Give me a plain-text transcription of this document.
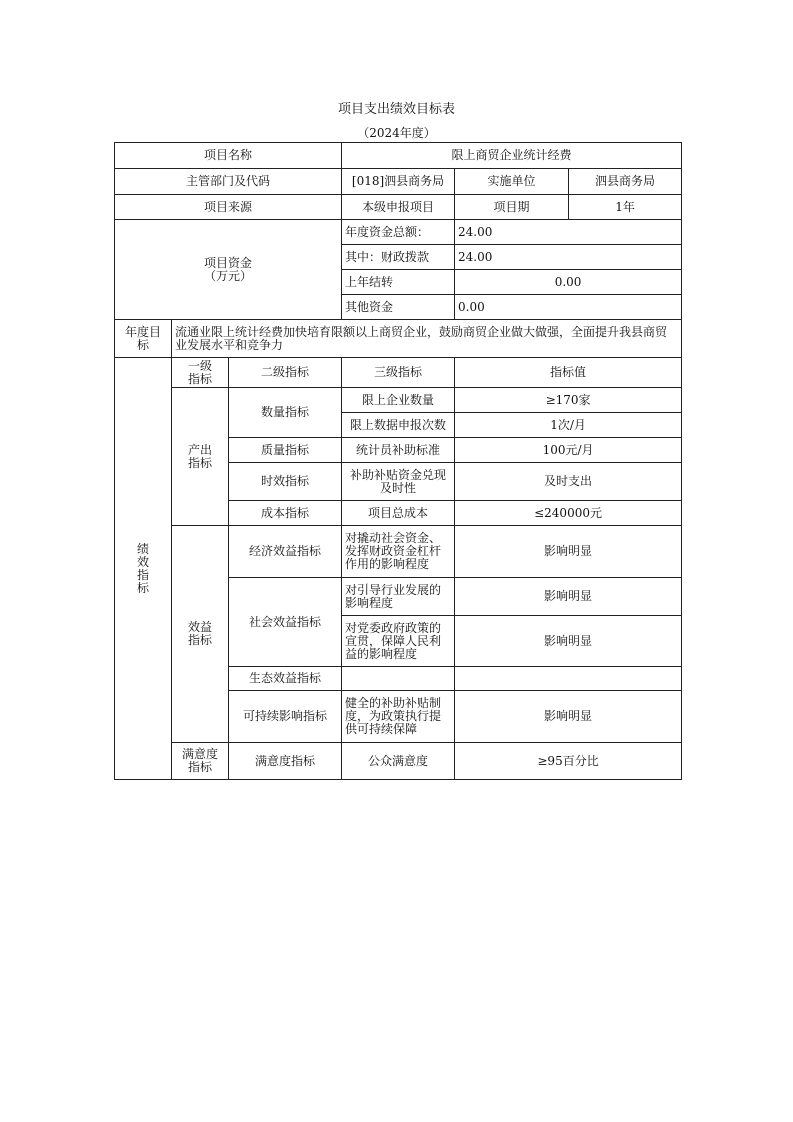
项目支出绩效目标表
（2024年度）
项目名称			限上商贸企业统计经费		
主管部门及代码			[018]泗县商务局	实施单位	泗县商务局
项目来源			本级申报项目	项目期	1年
项目资金
（万元）			年度资金总额：	24.00	
			其中：财政拨款	24.00	
			上年结转	0.00	
			其他资金	0.00	
年度目标	流通业限上统计经费加快培育限额以上商贸企业，鼓励商贸企业做大做强，全面提升我县商贸业发展水平和竞争力				
绩效指标	一级指标	二级指标	三级指标	指标值	
	产出指标	数量指标	限上企业数量	≥170家	
			限上数据申报次数	1次/月	
		质量指标	统计员补助标准	100元/月	
		时效指标	补助补贴资金兑现及时性	及时支出	
		成本指标	项目总成本	≤240000元	
	效益指标	经济效益指标	对撬动社会资金、发挥财政资金杠杆作用的影响程度	影响明显	
		社会效益指标	对引导行业发展的影响程度	影响明显	
			对党委政府政策的宣贯，保障人民利益的影响程度	影响明显	
		生态效益指标			
		可持续影响指标	健全的补助补贴制度，为政策执行提供可持续保障	影响明显	
	满意度指标	满意度指标	公众满意度	≥95百分比	
